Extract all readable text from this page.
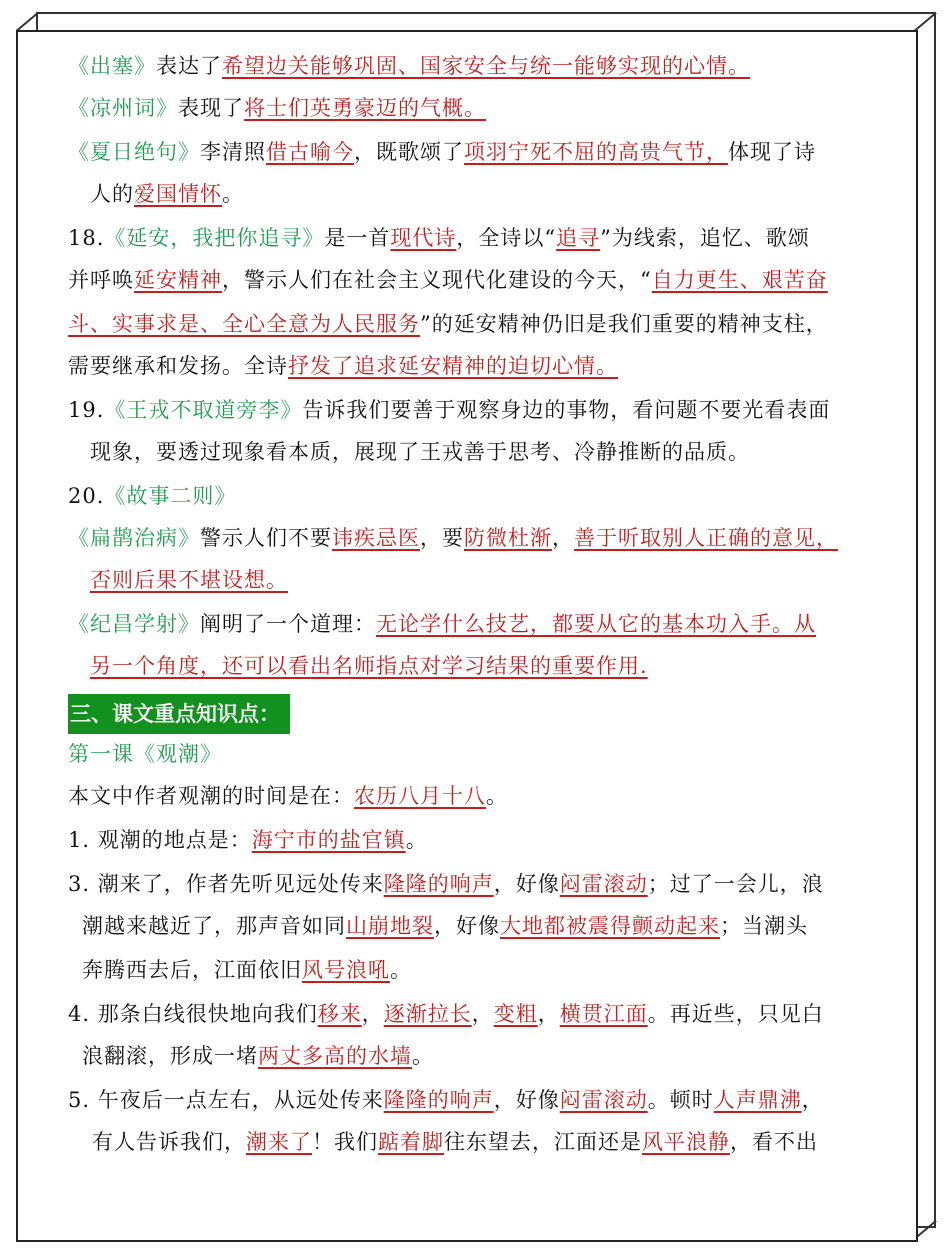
《出塞》表达了希望边关能够巩固、国家安全与统一能够实现的心情。
《凉州词》表现了将士们英勇豪迈的气概。
《夏日绝句》李清照借古喻今，既歌颂了项羽宁死不屈的高贵气节，体现了诗
人的爱国情怀。
18.《延安，我把你追寻》是一首现代诗，全诗以“追寻”为线索，追忆、歌颂
并呼唤延安精神，警示人们在社会主义现代化建设的今天，“自力更生、艰苦奋
斗、实事求是、全心全意为人民服务”的延安精神仍旧是我们重要的精神支柱，
需要继承和发扬。全诗抒发了追求延安精神的迫切心情。
19.《王戎不取道旁李》告诉我们要善于观察身边的事物，看问题不要光看表面
现象，要透过现象看本质，展现了王戎善于思考、冷静推断的品质。
20.《故事二则》
《扁鹊治病》警示人们不要讳疾忌医，要防微杜渐，善于听取别人正确的意见，
否则后果不堪设想。
《纪昌学射》阐明了一个道理：无论学什么技艺，都要从它的基本功入手。从
另一个角度，还可以看出名师指点对学习结果的重要作用.
三、课文重点知识点：
第一课《观潮》
本文中作者观潮的时间是在：农历八月十八。
1. 观潮的地点是：海宁市的盐官镇。
3. 潮来了，作者先听见远处传来隆隆的响声，好像闷雷滚动；过了一会儿，浪
潮越来越近了，那声音如同山崩地裂，好像大地都被震得颤动起来；当潮头
奔腾西去后，江面依旧风号浪吼。
4. 那条白线很快地向我们移来，逐渐拉长，变粗，横贯江面。再近些，只见白
浪翻滚，形成一堵两丈多高的水墙。
5. 午夜后一点左右，从远处传来隆隆的响声，好像闷雷滚动。顿时人声鼎沸，
有人告诉我们，潮来了！我们踮着脚往东望去，江面还是风平浪静，看不出
